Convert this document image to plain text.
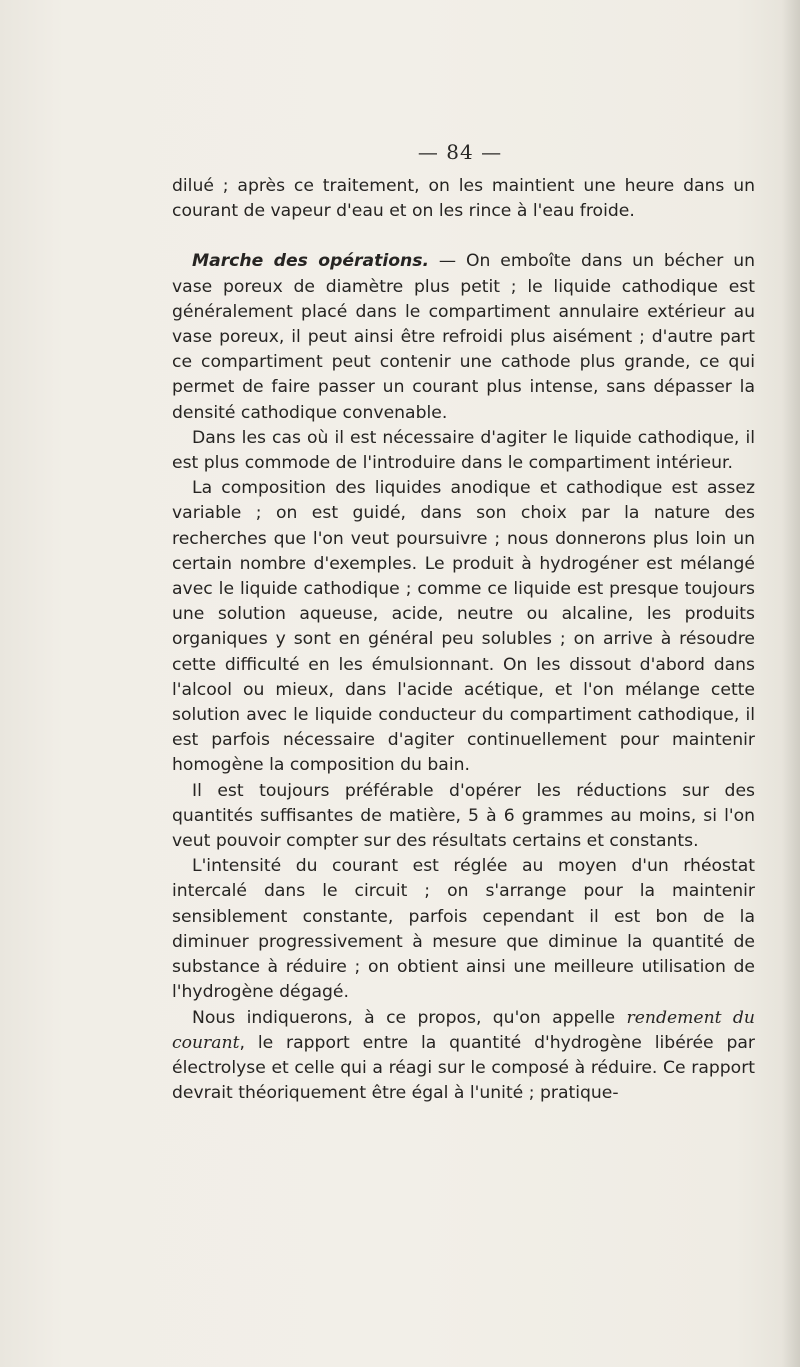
— 84 —

dilué ; après ce traitement, on les maintient une heure dans un courant de vapeur d'eau et on les rince à l'eau froide.

Marche des opérations. — On emboîte dans un bécher un vase poreux de diamètre plus petit ; le liquide cathodique est généralement placé dans le compartiment annulaire extérieur au vase poreux, il peut ainsi être refroidi plus aisément ; d'autre part ce compartiment peut contenir une cathode plus grande, ce qui permet de faire passer un courant plus intense, sans dépasser la densité cathodique convenable.

Dans les cas où il est nécessaire d'agiter le liquide cathodique, il est plus commode de l'introduire dans le compartiment intérieur.

La composition des liquides anodique et cathodique est assez variable ; on est guidé, dans son choix par la nature des recherches que l'on veut poursuivre ; nous donnerons plus loin un certain nombre d'exemples. Le produit à hydrogéner est mélangé avec le liquide cathodique ; comme ce liquide est presque toujours une solution aqueuse, acide, neutre ou alcaline, les produits organiques y sont en général peu solubles ; on arrive à résoudre cette difficulté en les émulsionnant. On les dissout d'abord dans l'alcool ou mieux, dans l'acide acétique, et l'on mélange cette solution avec le liquide conducteur du compartiment cathodique, il est parfois nécessaire d'agiter continuellement pour maintenir homogène la composition du bain.

Il est toujours préférable d'opérer les réductions sur des quantités suffisantes de matière, 5 à 6 grammes au moins, si l'on veut pouvoir compter sur des résultats certains et constants.

L'intensité du courant est réglée au moyen d'un rhéostat intercalé dans le circuit ; on s'arrange pour la maintenir sensiblement constante, parfois cependant il est bon de la diminuer progressivement à mesure que diminue la quantité de substance à réduire ; on obtient ainsi une meilleure utilisation de l'hydrogène dégagé.

Nous indiquerons, à ce propos, qu'on appelle rendement du courant, le rapport entre la quantité d'hydrogène libérée par électrolyse et celle qui a réagi sur le composé à réduire. Ce rapport devrait théoriquement être égal à l'unité ; pratique-
